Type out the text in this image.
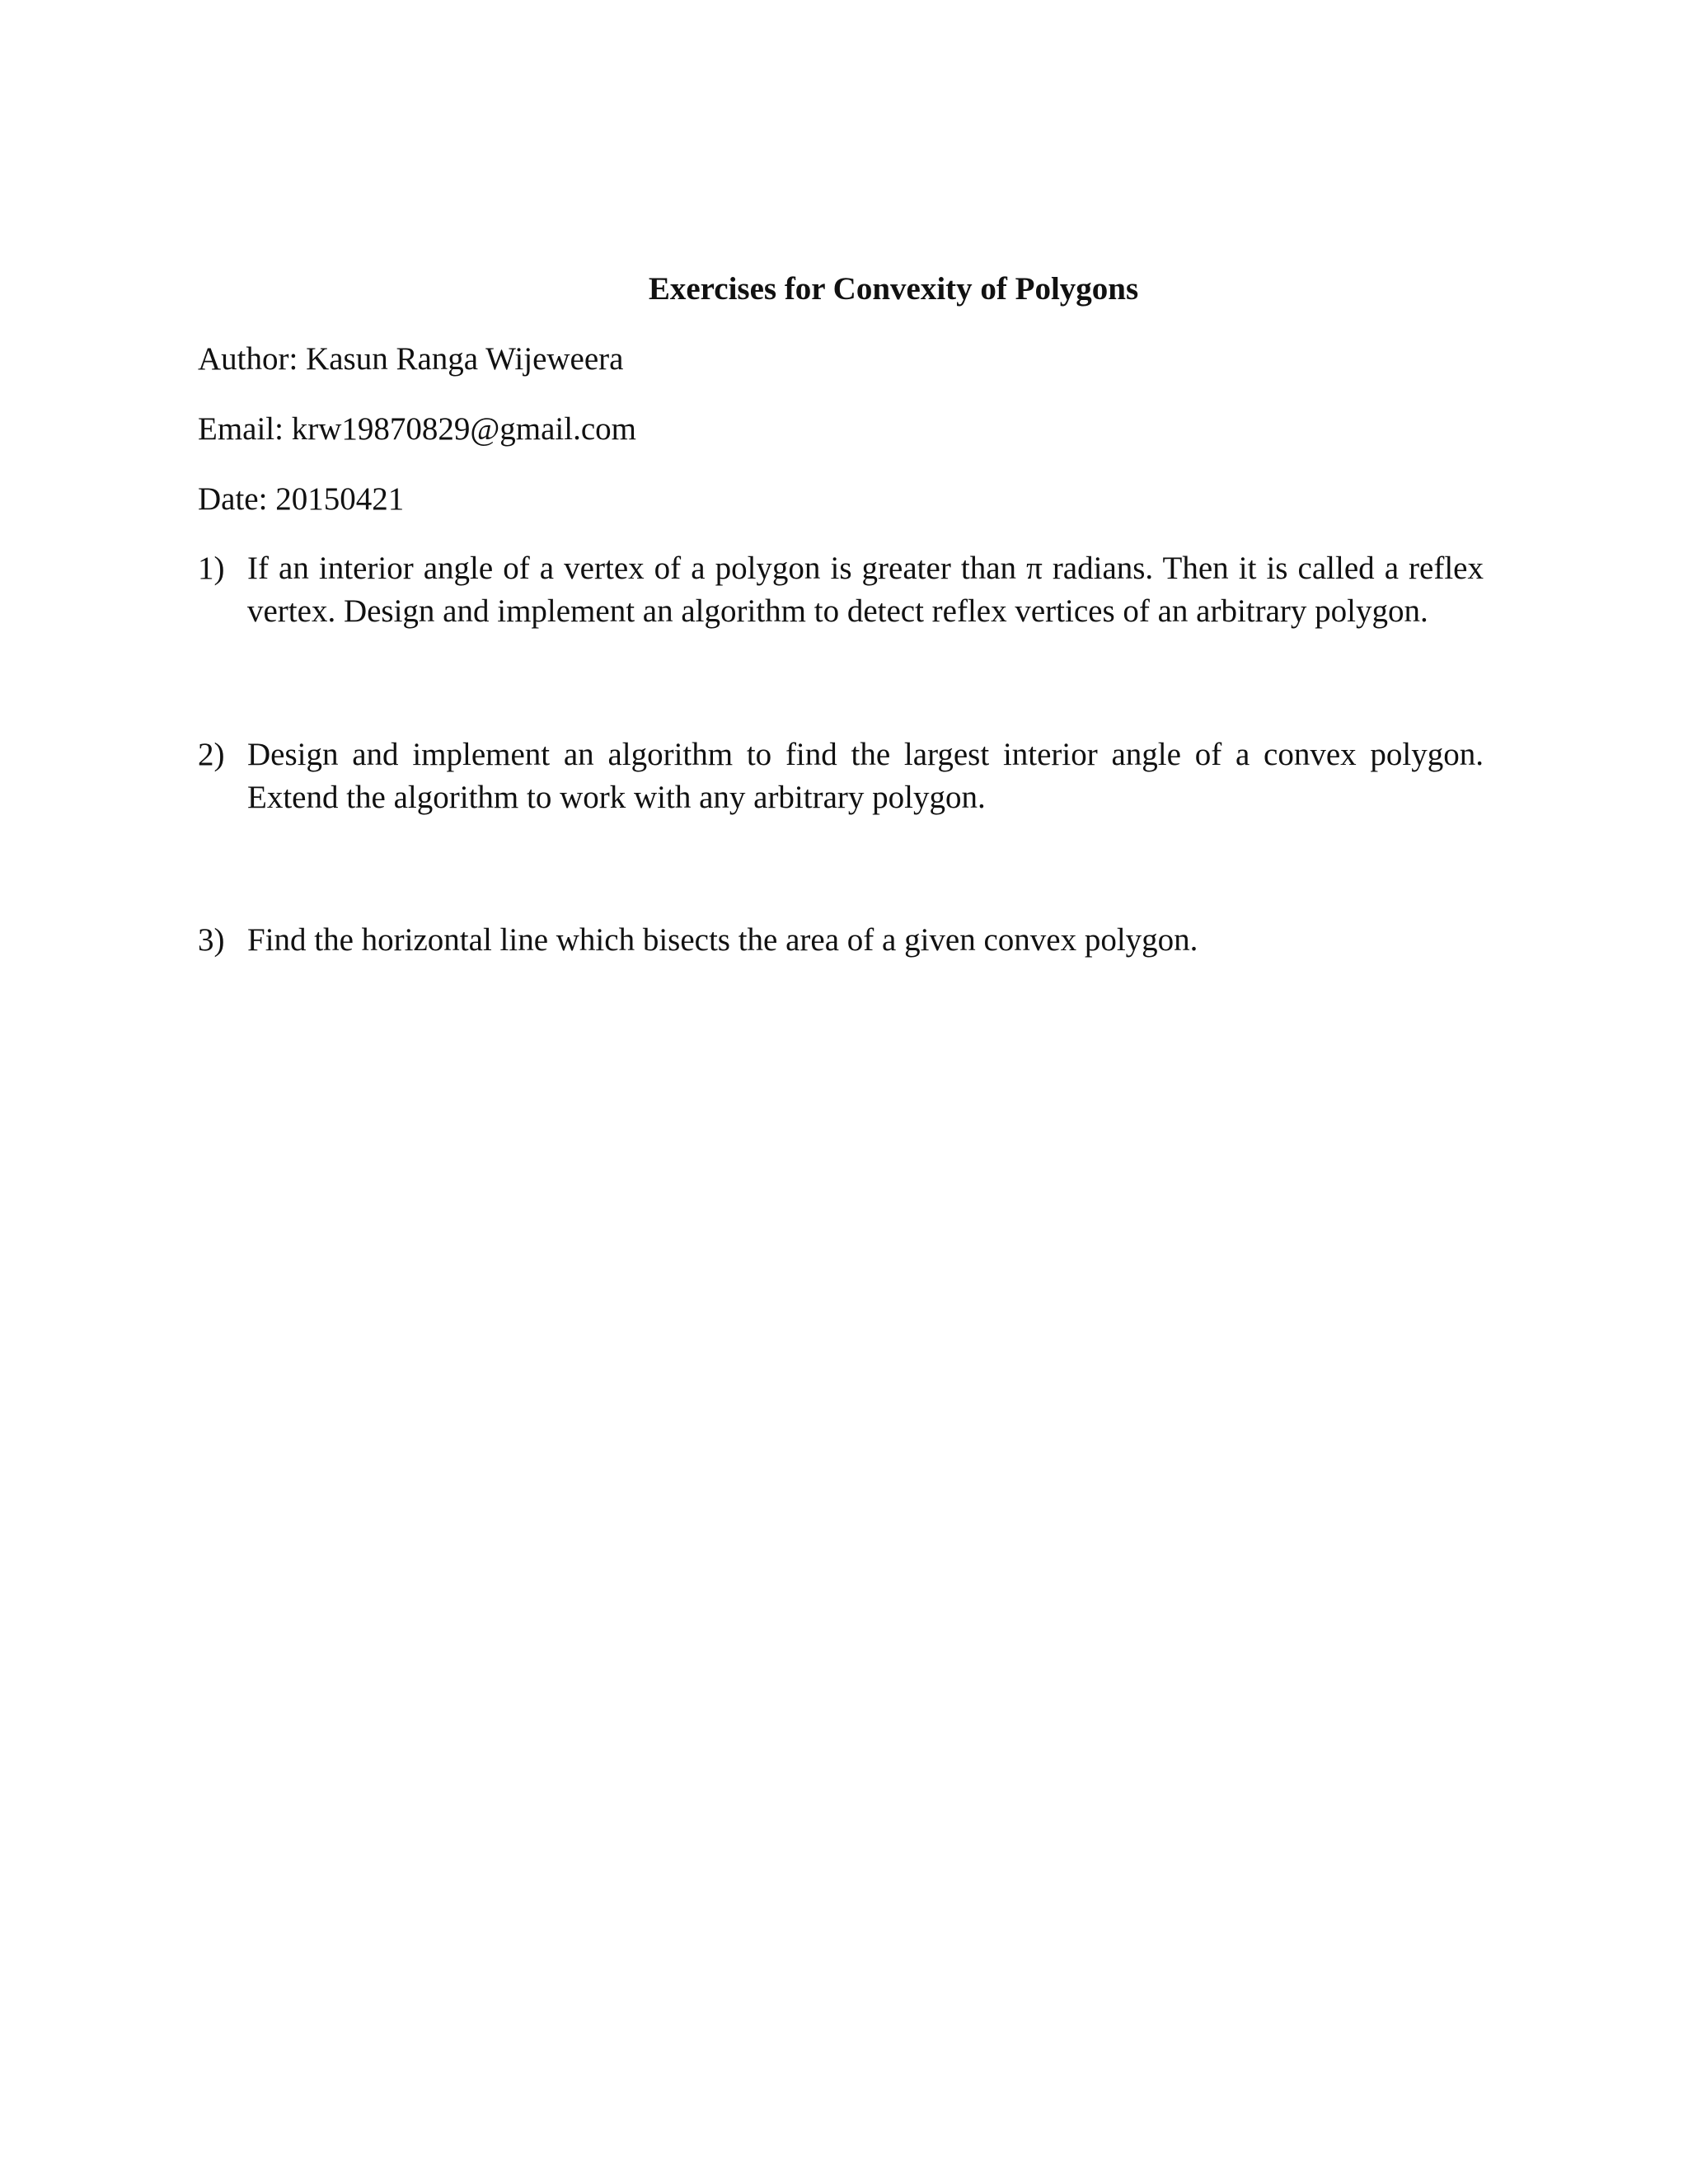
Exercises for Convexity of Polygons
Author: Kasun Ranga Wijeweera
Email: krw19870829@gmail.com
Date: 20150421
1) If an interior angle of a vertex of a polygon is greater than π radians. Then it is called a reflex vertex. Design and implement an algorithm to detect reflex vertices of an arbitrary polygon.
2) Design and implement an algorithm to find the largest interior angle of a convex polygon. Extend the algorithm to work with any arbitrary polygon.
3) Find the horizontal line which bisects the area of a given convex polygon.
